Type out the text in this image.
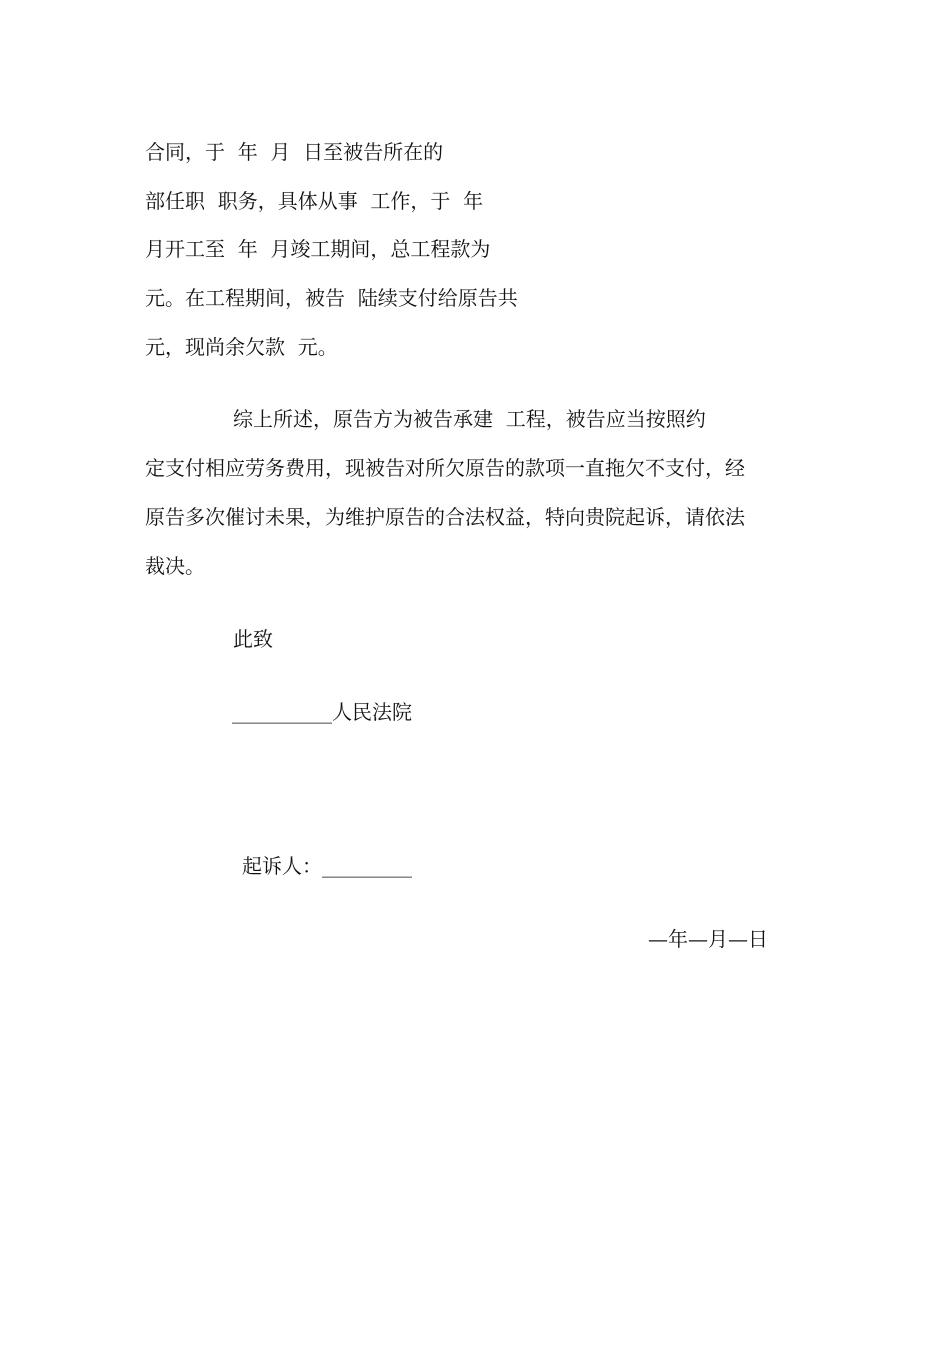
合同，于  年  月  日至被告所在的
部任职  职务，具体从事  工作，于  年
月开工至  年  月竣工期间，总工程款为
元。在工程期间，被告  陆续支付给原告共
元，现尚余欠款  元。
综上所述，原告方为被告承建  工程，被告应当按照约
定支付相应劳务费用，现被告对所欠原告的款项一直拖欠不支付，经
原告多次催讨未果，为维护原告的合法权益，特向贵院起诉，请依法
裁决。
此致
__________人民法院
起诉人：_________
—年—月—日
